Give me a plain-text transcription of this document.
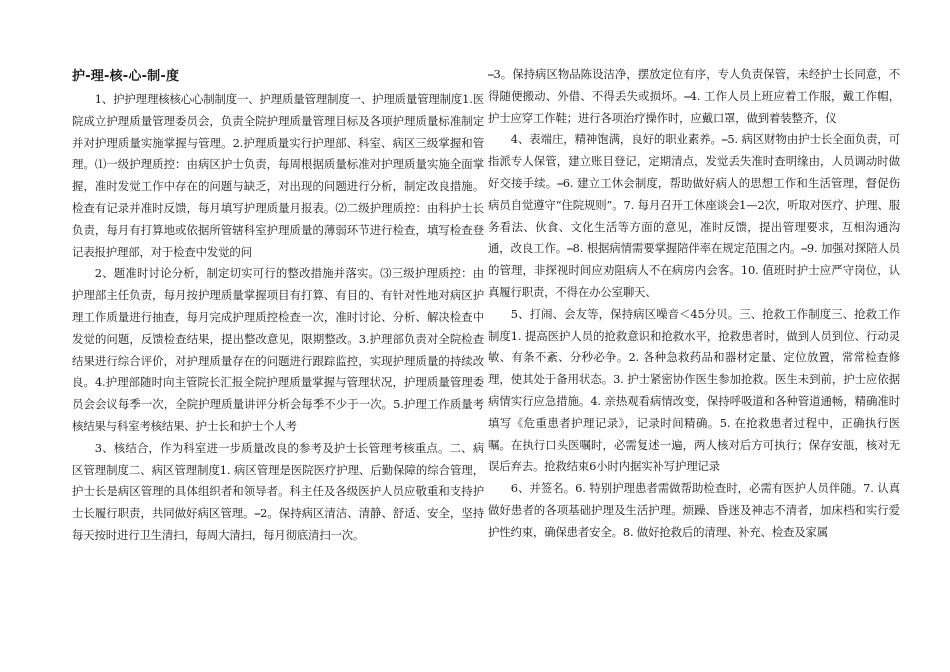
护-理-核-心-制-度

1、护护理理核核心心制制度一、护理质量管理制度一、护理质量管理制度1.医院成立护理质量管理委员会，负责全院护理质量管理目标及各项护理质量标准制定并对护理质量实施掌握与管理。2.护理质量实行护理部、科室、病区三级掌握和管理。⑴一级护理质控：由病区护士负责，每周根据质量标准对护理质量实施全面掌握，准时发觉工作中存在的问题与缺乏，对出现的问题进行分析，制定改良措施。检查有记录并准时反馈，每月填写护理质量月报表。⑵二级护理质控：由科护士长负责，每月有打算地或依据所管辖科室护理质量的薄弱环节进行检查，填写检查登记表报护理部，对于检查中发觉的问

2、题准时讨论分析，制定切实可行的整改措施并落实。⑶三级护理质控：由护理部主任负责，每月按护理质量掌握项目有打算、有目的、有针对性地对病区护理工作质量进行抽查，每月完成护理质控检查一次，准时讨论、分析、解决检查中发觉的问题，反馈检查结果，提出整改意见，限期整改。3.护理部负责对全院检查结果进行综合评价，对护理质量存在的问题进行跟踪监控，实现护理质量的持续改良。4.护理部随时向主管院长汇报全院护理质量掌握与管理状况，护理质量管理委员会会议每季一次，全院护理质量讲评分析会每季不少于一次。5.护理工作质量考核结果与科室考核结果、护士长和护士个人考

3、核结合，作为科室进一步质量改良的参考及护士长管理考核重点。二、病区管理制度二、病区管理制度1. 病区管理是医院医疗护理、后勤保障的综合管理，护士长是病区管理的具体组织者和领导者。科主任及各级医护人员应敬重和支持护士长履行职责，共同做好病区管理。⎯2。保持病区清洁、清静、舒适、安全，坚持每天按时进行卫生清扫，每周大清扫，每月彻底清扫一次。

⎯3。保持病区物品陈设洁净，摆放定位有序，专人负责保管，未经护士长同意，不得随便搬动、外借、不得丢失或损坏。⎯4. 工作人员上班应着工作服，戴工作帽，护士应穿工作鞋；进行各项治疗操作时，应戴口罩，做到着装整齐，仪

4、表端庄，精神饱满，良好的职业素养。⎯5. 病区财物由护士长全面负责，可指派专人保管，建立账目登记，定期清点，发觉丢失准时查明缘由，人员调动时做好交接手续。⎯6. 建立工休会制度，帮助做好病人的思想工作和生活管理，督促伤病员自觉遵守“住院规则”。7. 每月召开工休座谈会1—2次，听取对医疗、护理、服务看法、伙食、文化生活等方面的意见，准时反馈，提出管理要求，互相沟通沟通，改良工作。⎯8. 根据病情需要掌握陪伴率在规定范围之内。⎯9. 加强对探陪人员的管理，非探视时间应劝阻病人不在病房内会客。10. 值班时护士应严守岗位，认真履行职责，不得在办公室聊天、

5、打闹、会友等，保持病区噪音＜45分贝。三、抢救工作制度三、抢救工作制度1. 提高医护人员的抢救意识和抢救水平，抢救患者时，做到人员到位、行动灵敏、有条不紊、分秒必争。2. 各种急救药品和器材定量、定位放置，常常检查修理，使其处于备用状态。3. 护士紧密协作医生参加抢救。医生未到前，护士应依据病情实行应急措施。4. 亲热观看病情改变，保持呼吸道和各种管道通畅，精确准时填写《危重患者护理记录》，记录时间精确。5. 在抢救患者过程中，正确执行医嘱。在执行口头医嘱时，必需复述一遍，两人核对后方可执行；保存安瓿，核对无误后弃去。抢救结束6小时内据实补写护理记录

6、并签名。6. 特别护理患者需做帮助检查时，必需有医护人员伴随。7. 认真做好患者的各项基础护理及生活护理。烦躁、昏迷及神志不清者，加床档和实行爱护性约束，确保患者安全。8. 做好抢救后的清理、补充、检查及家属
